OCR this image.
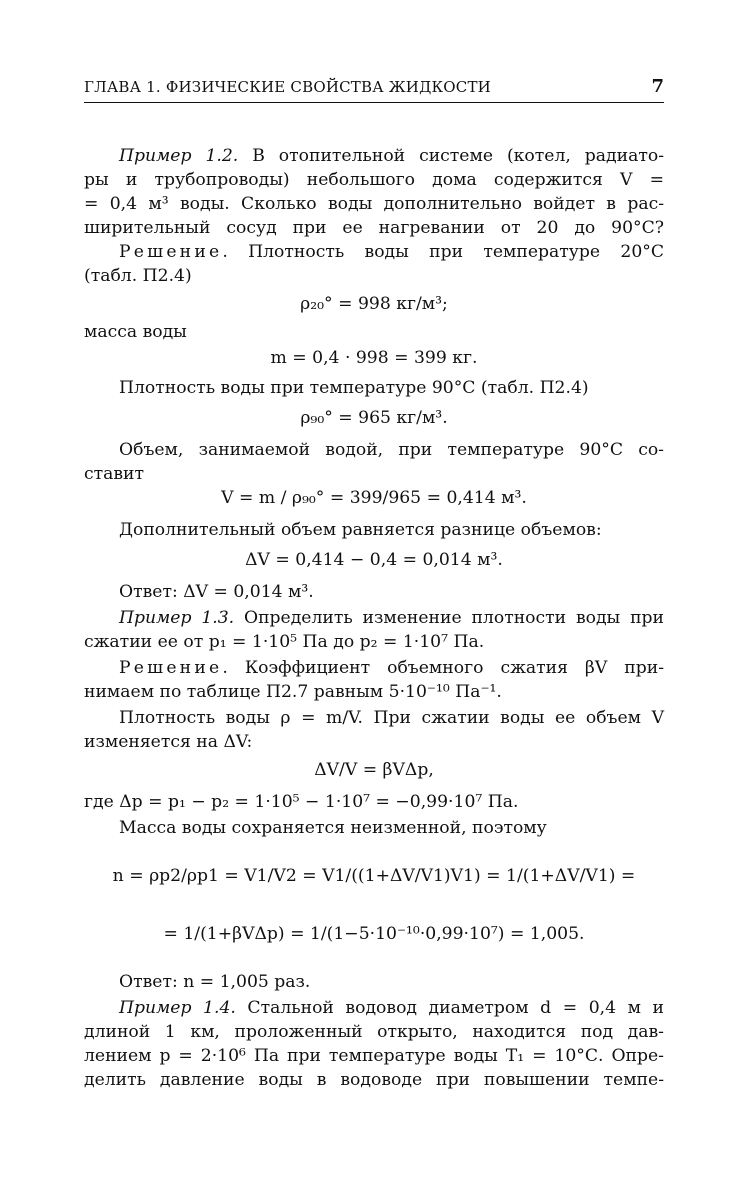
ГЛАВА 1. ФИЗИЧЕСКИЕ СВОЙСТВА ЖИДКОСТИ	7
Пример 1.2. В отопительной системе (котел, радиато-
ры и трубопроводы) небольшого дома содержится V =
= 0,4 м³ воды. Сколько воды дополнительно войдет в рас-
ширительный сосуд при ее нагревании от 20 до 90°С?
Решение. Плотность воды при температуре 20°С
(табл. П2.4)
ρ₂₀° = 998 кг/м³;
масса воды
m = 0,4 · 998 = 399 кг.
Плотность воды при температуре 90°С (табл. П2.4)
ρ₉₀° = 965 кг/м³.
Объем, занимаемой водой, при температуре 90°С со-
ставит
V = m / ρ₉₀° = 399/965 = 0,414 м³.
Дополнительный объем равняется разнице объемов:
ΔV = 0,414 − 0,4 = 0,014 м³.
Ответ: ΔV = 0,014 м³.
Пример 1.3. Определить изменение плотности воды при
сжатии ее от p₁ = 1·10⁵ Па до p₂ = 1·10⁷ Па.
Решение. Коэффициент объемного сжатия βV при-
нимаем по таблице П2.7 равным 5·10⁻¹⁰ Па⁻¹.
Плотность воды ρ = m/V. При сжатии воды ее объем V
изменяется на ΔV:
ΔV/V = βVΔp,
где Δp = p₁ − p₂ = 1·10⁵ − 1·10⁷ = −0,99·10⁷ Па.
Масса воды сохраняется неизменной, поэтому
n = ρp2/ρp1 = V1/V2 = V1/((1+ΔV/V1)V1) = 1/(1+ΔV/V1) =
= 1/(1+βVΔp) = 1/(1−5·10⁻¹⁰·0,99·10⁷) = 1,005.
Ответ: n = 1,005 раз.
Пример 1.4. Стальной водовод диаметром d = 0,4 м и
длиной 1 км, проложенный открыто, находится под дав-
лением p = 2·10⁶ Па при температуре воды T₁ = 10°С. Опре-
делить давление воды в водоводе при повышении темпе-
